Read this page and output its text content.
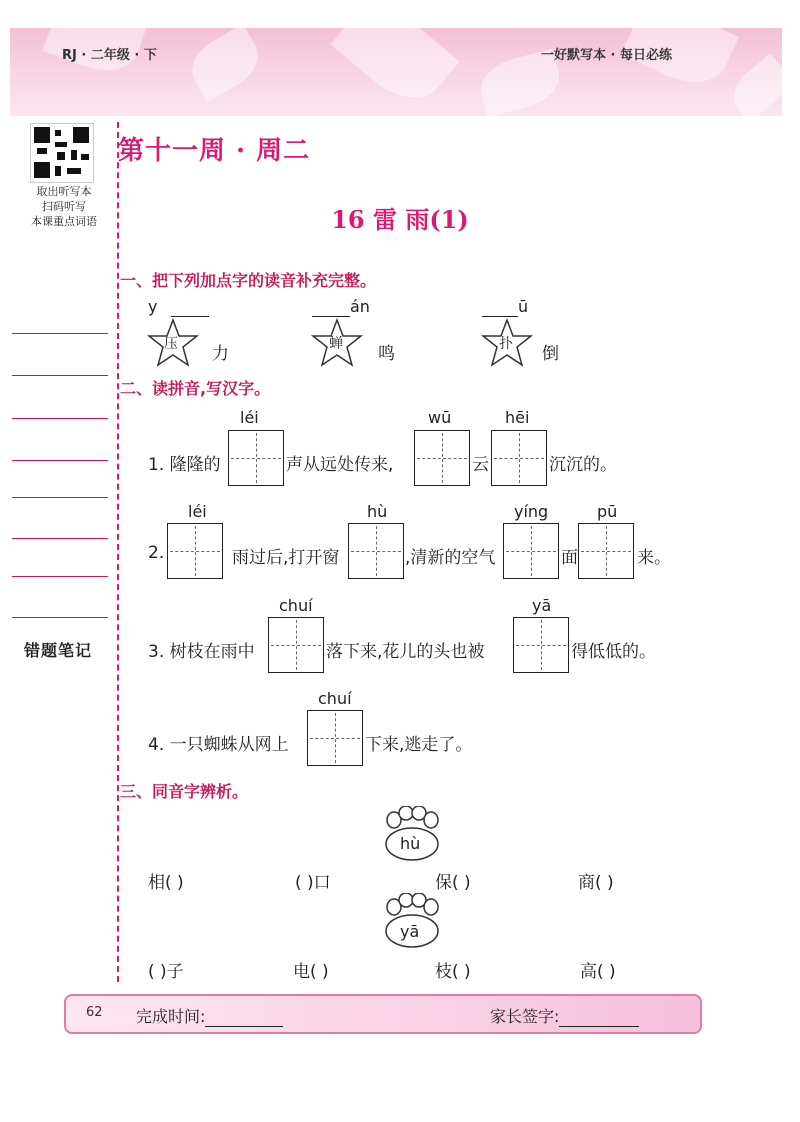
RJ · 二年级 · 下	一好默写本 · 每日必练
取出听写本
扫码听写
本课重点词语
错题笔记
第十一周 · 周二
16 雷 雨(1)
一、把下列加点字的读音补充完整。
y	án	ū
压 力	蝉 鸣	扑 倒
二、读拼音,写汉字。
léi	wū	hēi
1. 隆隆的	声从远处传来,	云	沉沉的。
léi	hù	yíng	pū
2.	雨过后,打开窗	,清新的空气	面	来。
chuí	yā
3. 树枝在雨中	落下来,花儿的头也被	得低低的。
chuí
4. 一只蜘蛛从网上	下来,逃走了。
三、同音字辨析。
hù
相( )	( )口	保( )	商( )
yā
( )子	电( )	枝( )	高( )
62 完成时间:	家长签字:
